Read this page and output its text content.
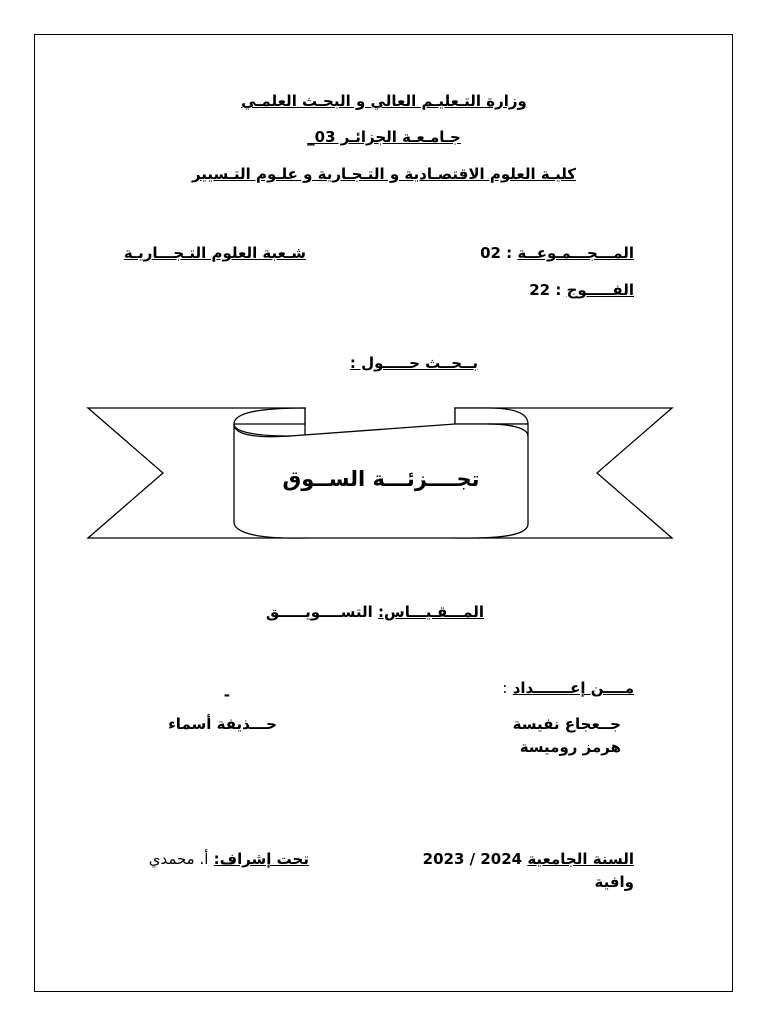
وزارة التـعليـم العالي و البحـث العلمـي
جـامـعـة الجزائـر 03_
كليـة العلوم الاقتصـادية و التـجـارية و علـوم التـسيير
المـــجـــمـوعــة : 02
شـعبة العلوم التـجـــاريـة
الفـــــوج : 22
بــحــث حـــــول :
تجــــزئـــة الســوق
المـــقـيـــاس: التســــويـــــق
مــــن إعـــــــداد :
-
جــعجاع نفيسة
هرمز روميسة
حـــذيفة أسماء
السنة الجامعية 2023 / 2024
وافية
تحت إشراف: أ. محمدي
